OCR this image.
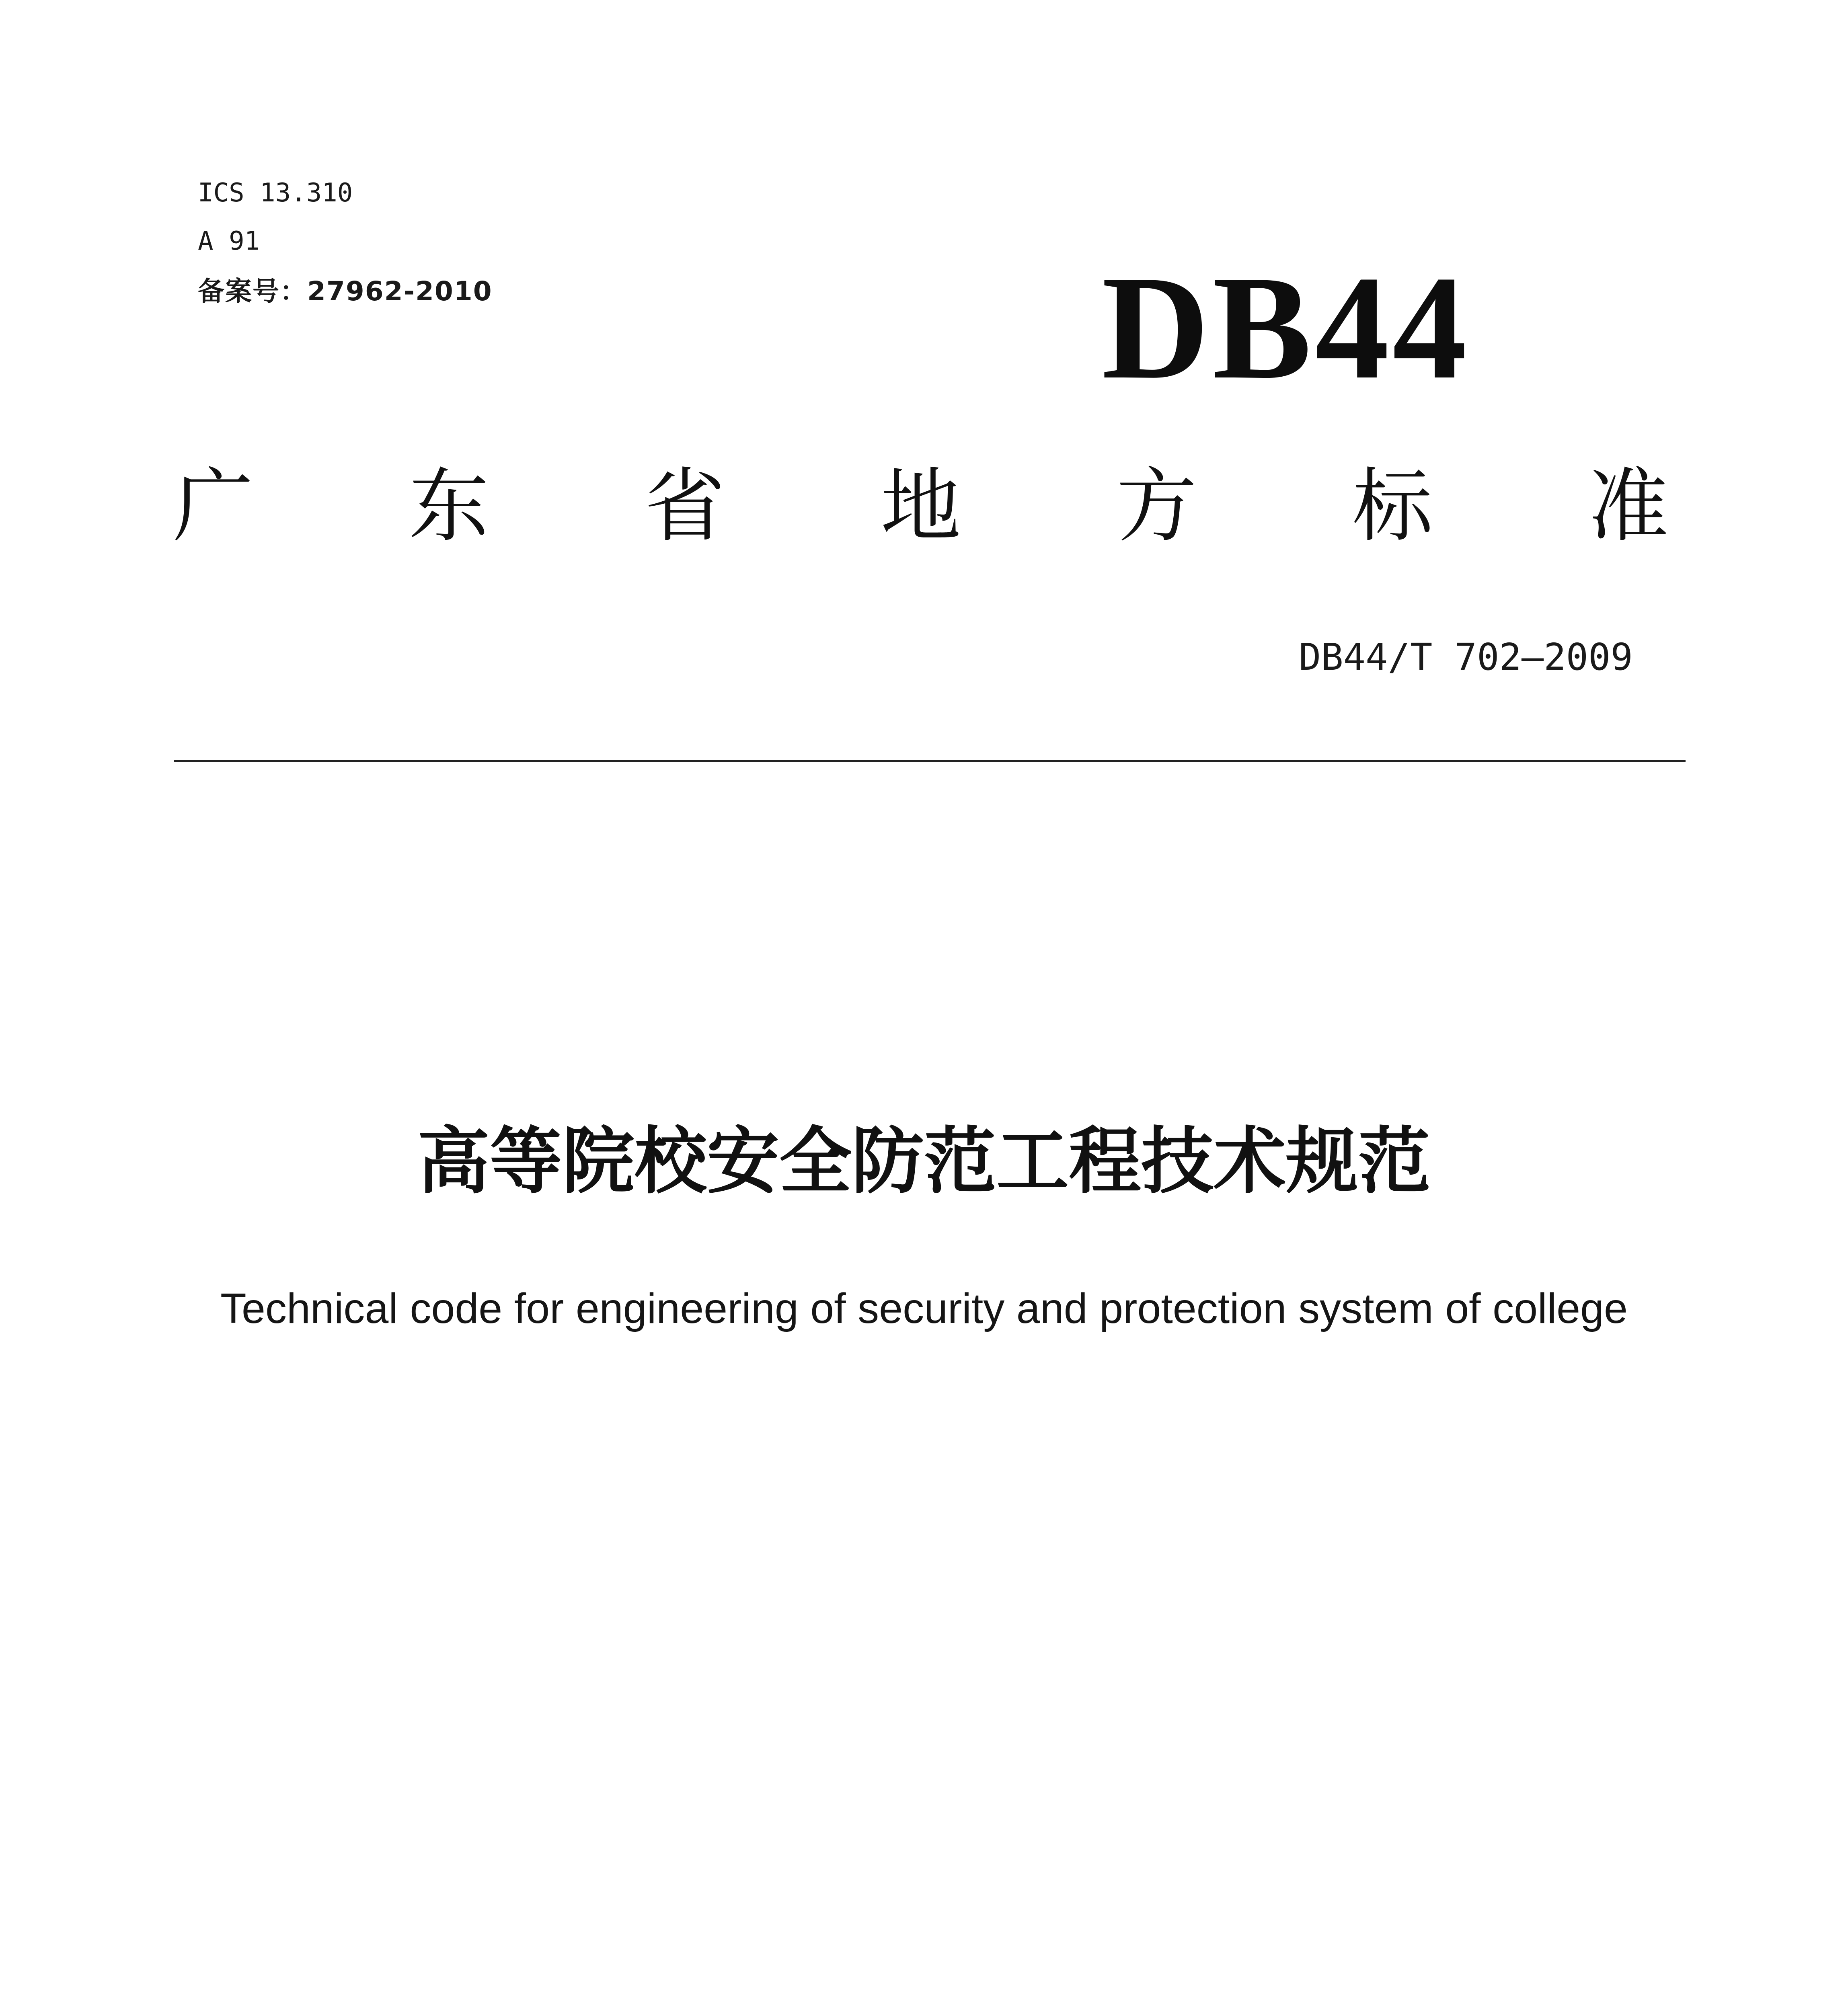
ICS 13.310
A 91
备案号：27962-2010	DB44
广 东 省 地 方 标 准
DB44/T 702—2009
高等院校安全防范工程技术规范
Technical code for engineering of security and protection system of college
